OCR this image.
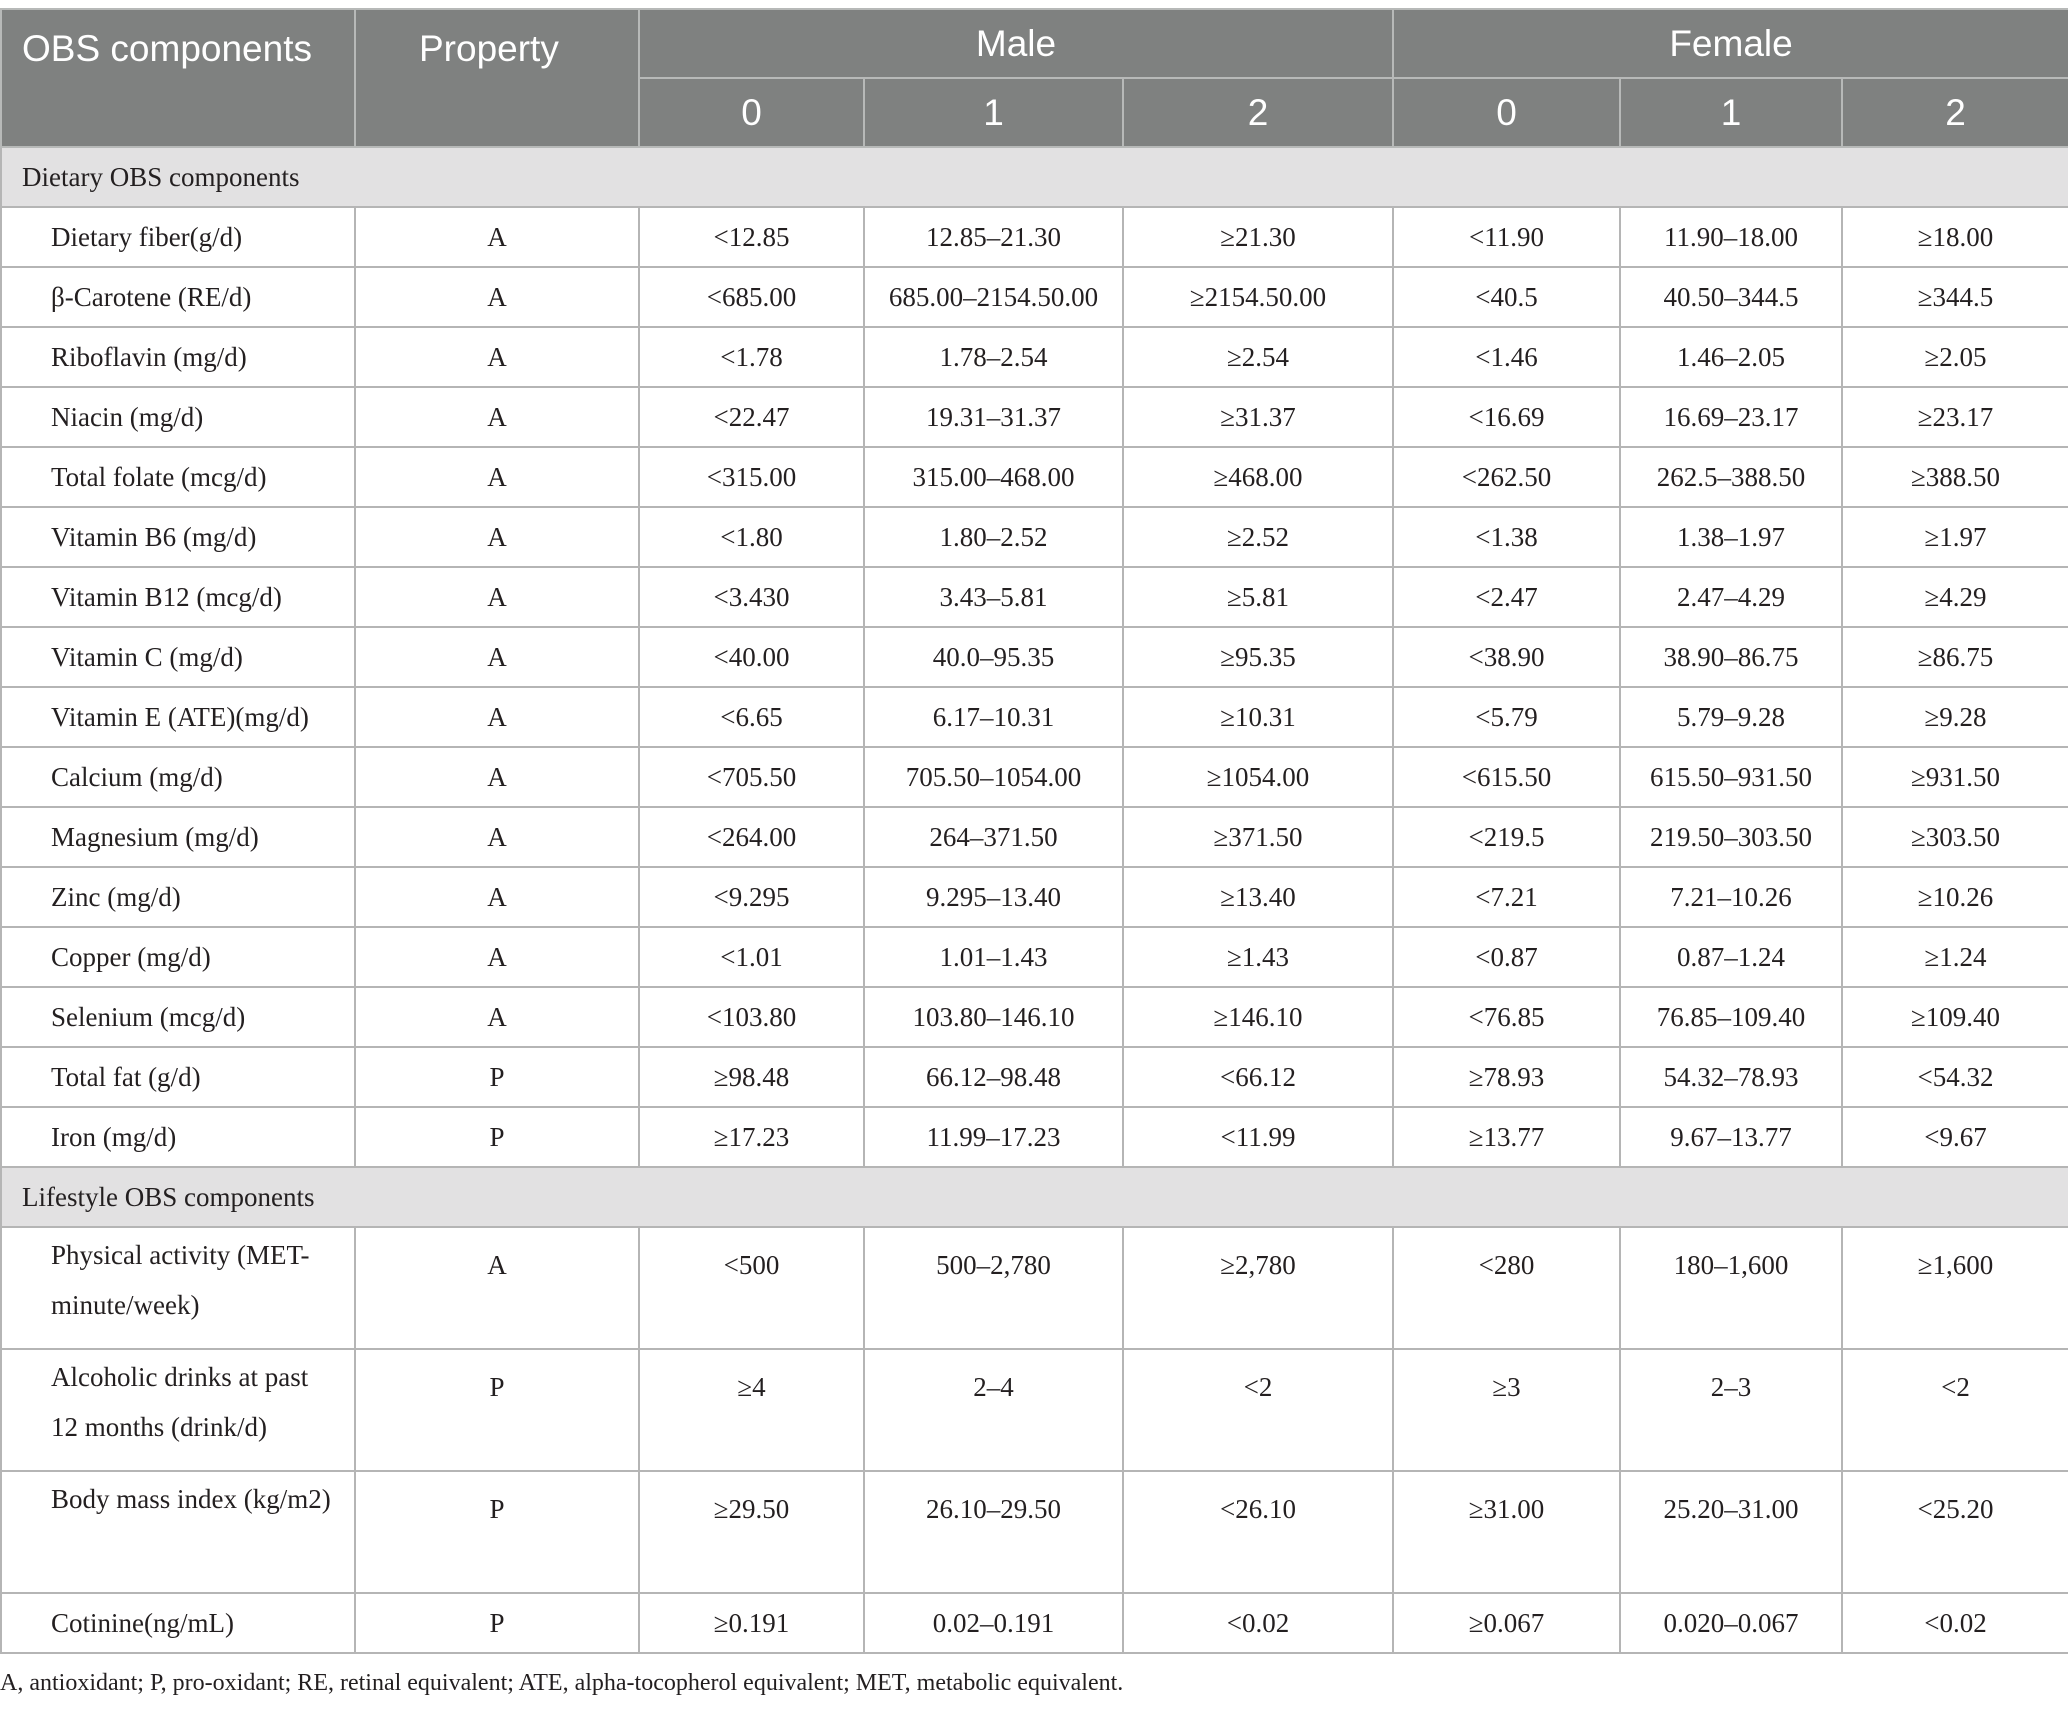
OBS components	Property	Male			Female		
		0	1	2	0	1	2
Dietary OBS components							
Dietary fiber(g/d)	A	<12.85	12.85–21.30	≥21.30	<11.90	11.90–18.00	≥18.00
β-Carotene (RE/d)	A	<685.00	685.00–2154.50.00	≥2154.50.00	<40.5	40.50–344.5	≥344.5
Riboflavin (mg/d)	A	<1.78	1.78–2.54	≥2.54	<1.46	1.46–2.05	≥2.05
Niacin (mg/d)	A	<22.47	19.31–31.37	≥31.37	<16.69	16.69–23.17	≥23.17
Total folate (mcg/d)	A	<315.00	315.00–468.00	≥468.00	<262.50	262.5–388.50	≥388.50
Vitamin B6 (mg/d)	A	<1.80	1.80–2.52	≥2.52	<1.38	1.38–1.97	≥1.97
Vitamin B12 (mcg/d)	A	<3.430	3.43–5.81	≥5.81	<2.47	2.47–4.29	≥4.29
Vitamin C (mg/d)	A	<40.00	40.0–95.35	≥95.35	<38.90	38.90–86.75	≥86.75
Vitamin E (ATE)(mg/d)	A	<6.65	6.17–10.31	≥10.31	<5.79	5.79–9.28	≥9.28
Calcium (mg/d)	A	<705.50	705.50–1054.00	≥1054.00	<615.50	615.50–931.50	≥931.50
Magnesium (mg/d)	A	<264.00	264–371.50	≥371.50	<219.5	219.50–303.50	≥303.50
Zinc (mg/d)	A	<9.295	9.295–13.40	≥13.40	<7.21	7.21–10.26	≥10.26
Copper (mg/d)	A	<1.01	1.01–1.43	≥1.43	<0.87	0.87–1.24	≥1.24
Selenium (mcg/d)	A	<103.80	103.80–146.10	≥146.10	<76.85	76.85–109.40	≥109.40
Total fat (g/d)	P	≥98.48	66.12–98.48	<66.12	≥78.93	54.32–78.93	<54.32
Iron (mg/d)	P	≥17.23	11.99–17.23	<11.99	≥13.77	9.67–13.77	<9.67
Lifestyle OBS components							
Physical activity (MET-minute/week)	A	<500	500–2,780	≥2,780	<280	180–1,600	≥1,600
Alcoholic drinks at past 12 months (drink/d)	P	≥4	2–4	<2	≥3	2–3	<2
Body mass index (kg/m2)	P	≥29.50	26.10–29.50	<26.10	≥31.00	25.20–31.00	<25.20
Cotinine(ng/mL)	P	≥0.191	0.02–0.191	<0.02	≥0.067	0.020–0.067	<0.02
A, antioxidant; P, pro-oxidant; RE, retinal equivalent; ATE, alpha-tocopherol equivalent; MET, metabolic equivalent.
